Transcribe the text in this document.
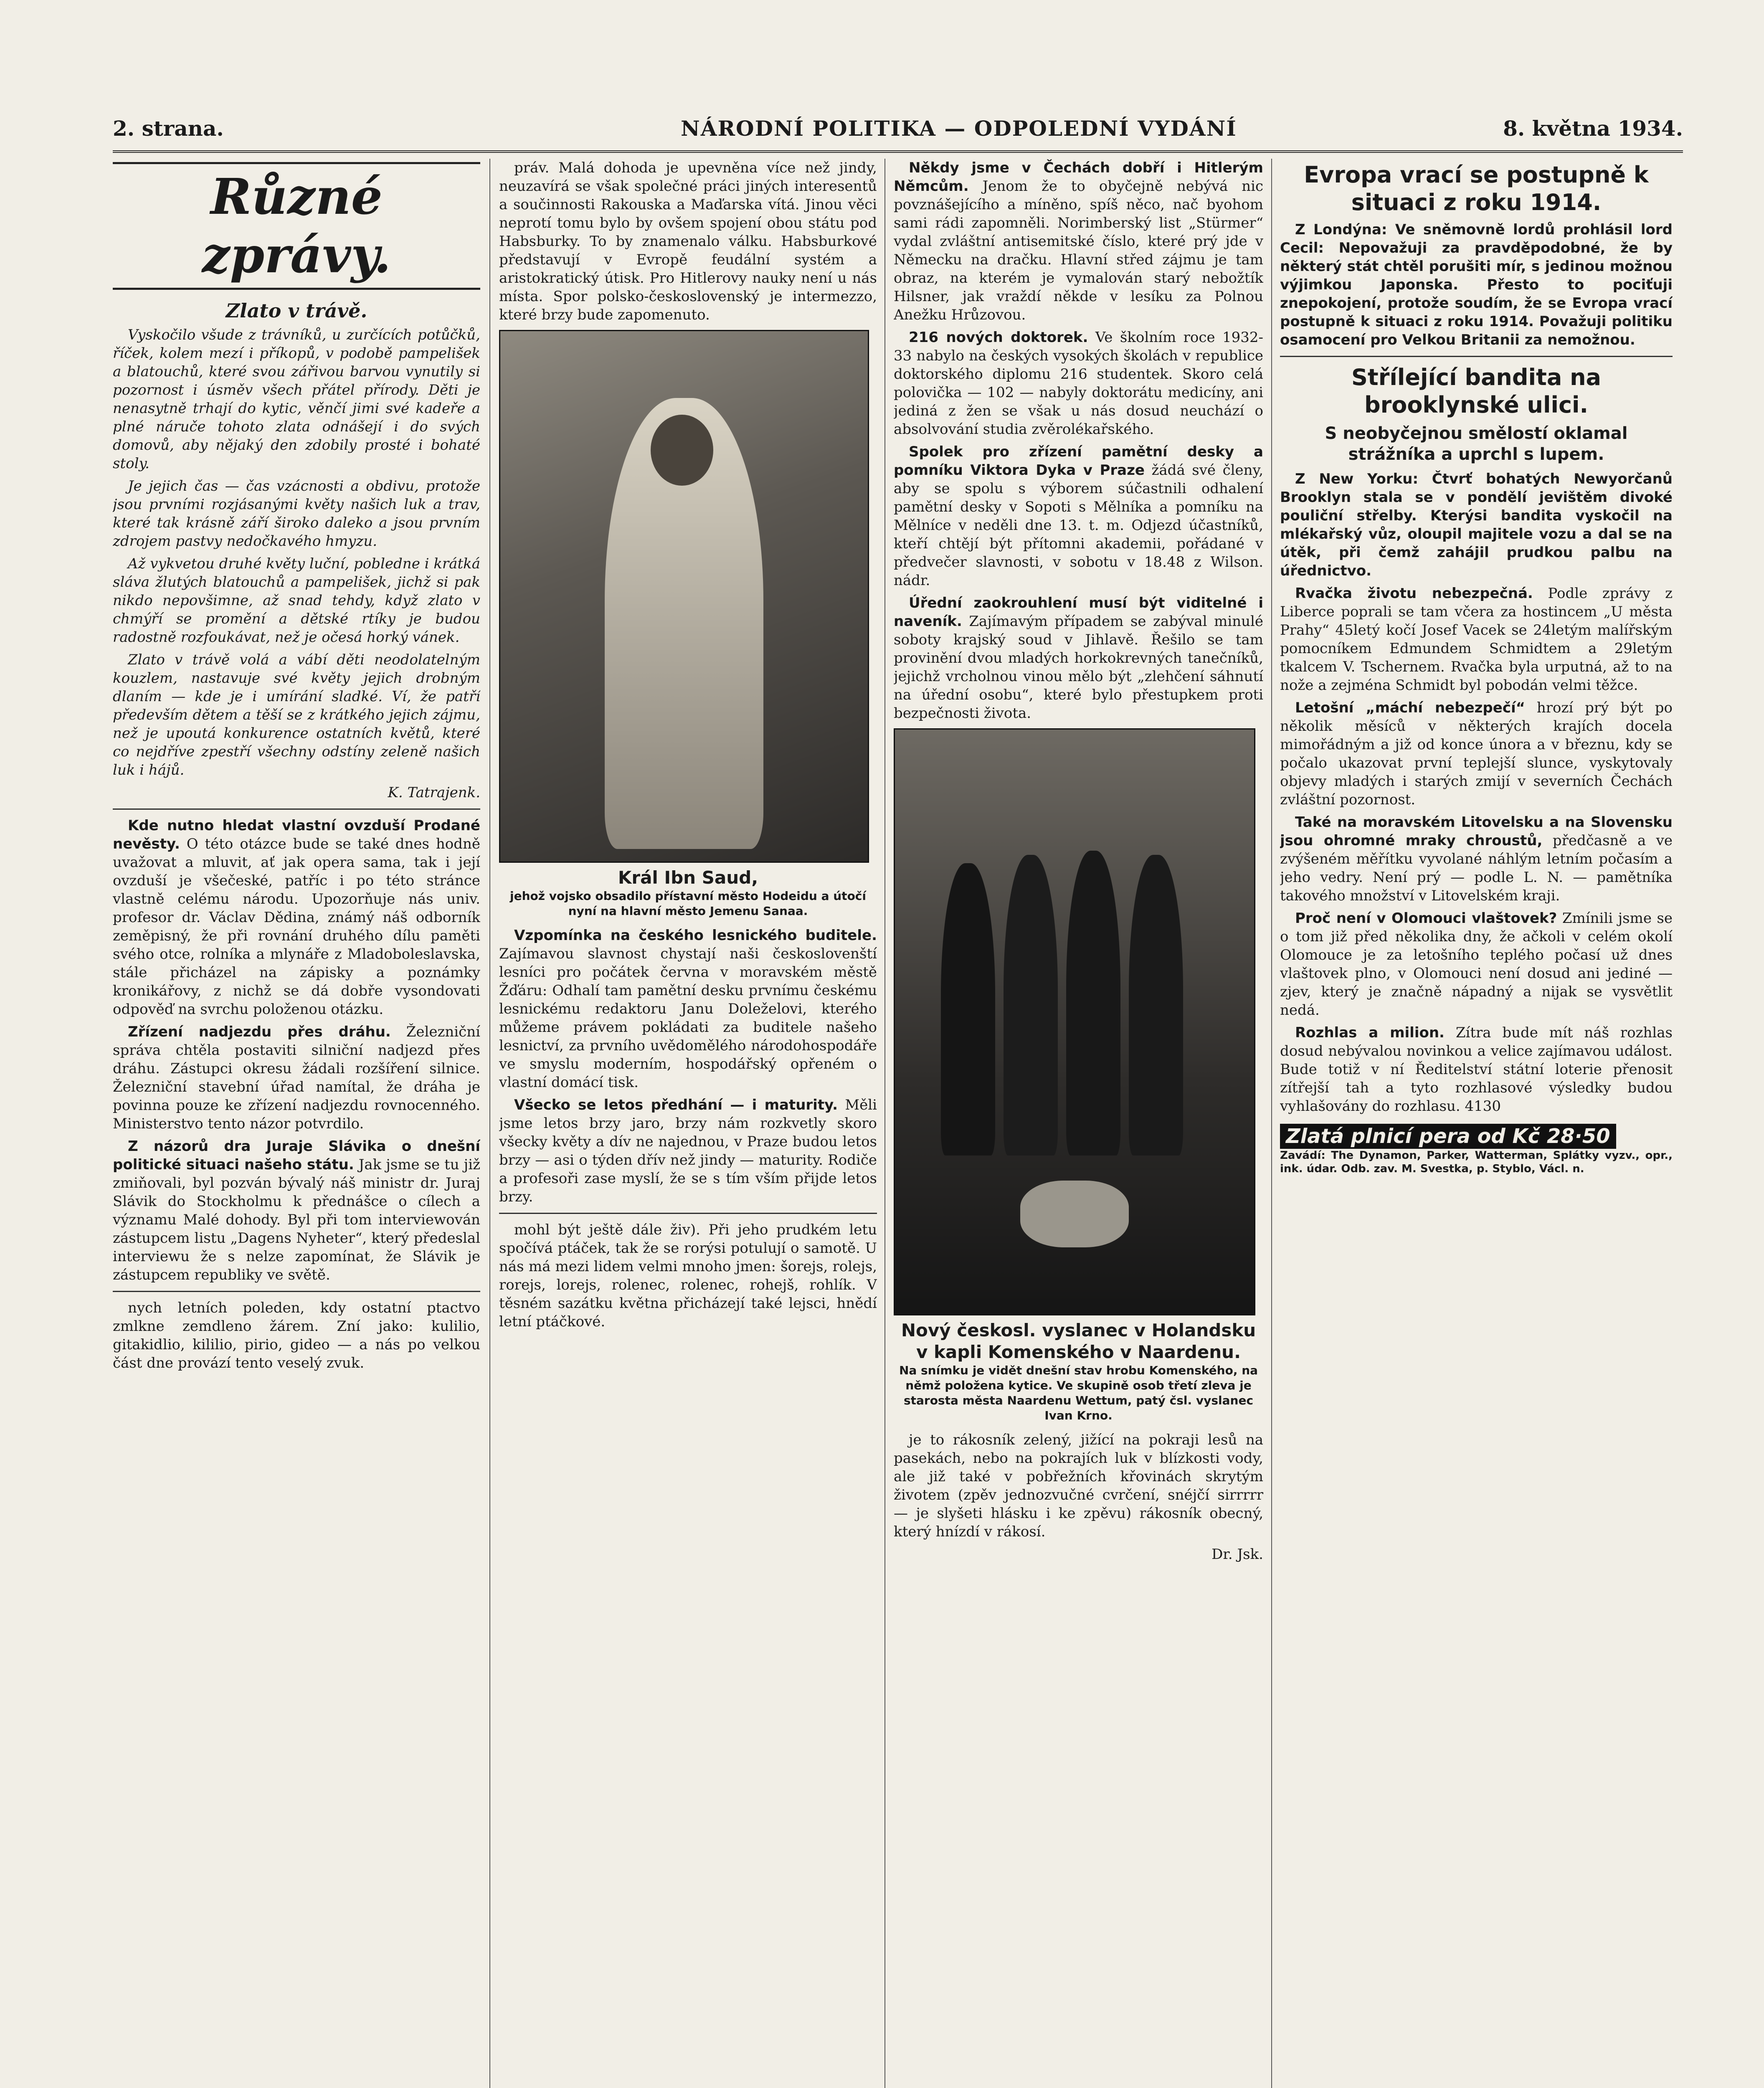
2. strana.	NÁRODNÍ POLITIKA — ODPOLEDNÍ VYDÁNÍ	8. května 1934.
Různé zprávy.
Zlato v trávě.

Vyskočilo všude z trávníků, u zurčících potůčků, říček, kolem mezí i příkopů, v podobě pampelišek a blatouchů, které svou zářivou barvou vynutily si pozornost i úsměv všech přátel přírody. Děti je nenasytně trhají do kytic, věnčí jimi své kadeře a plné náruče tohoto zlata odnášejí i do svých domovů, aby nějaký den zdobily prosté i bohaté stoly.

Je jejich čas — čas vzácnosti a obdivu, protože jsou prvními rozjásanými květy našich luk a trav, které tak krásně září široko daleko a jsou prvním zdrojem pastvy nedočkavého hmyzu.

Až vykvetou druhé květy luční, pobledne i krátká sláva žlutých blatouchů a pampelišek, jichž si pak nikdo nepovšimne, až snad tehdy, když zlato v chmýří se promění a dětské rtíky je budou radostně rozfoukávat, než je očesá horký vánek.

Zlato v trávě volá a vábí děti neodolatelným kouzlem, nastavuje své květy jejich drobným dlaním — kde je i umírání sladké. Ví, že patří především dětem a těší se z krátkého jejich zájmu, než je upoutá konkurence ostatních květů, které co nejdříve zpestří všechny odstíny zeleně našich luk i hájů.

K. Tatrajenk.

Kde nutno hledat vlastní ovzduší Prodané nevěsty. O této otázce bude se také dnes hodně uvažovat a mluvit, ať jak opera sama, tak i její ovzduší je všečeské, patříc i po této stránce vlastně celému národu. Upozorňuje nás univ. profesor dr. Václav Dědina, známý náš odborník zeměpisný, že při rovnání druhého dílu paměti svého otce, rolníka a mlynáře z Mladoboleslavska, stále přicházel na zápisky a poznámky kronikářovy, z nichž se dá dobře vysondovati odpověď na svrchu položenou otázku.

Zřízení nadjezdu přes dráhu. Železniční správa chtěla postaviti silniční nadjezd přes dráhu. Zástupci okresu žádali rozšíření silnice. Železniční stavební úřad namítal, že dráha je povinna pouze ke zřízení nadjezdu rovnocenného. Ministerstvo tento názor potvrdilo.

Z názorů dra Juraje Slávika o dnešní politické situaci našeho státu. Jak jsme se tu již zmiňovali, byl pozván bývalý náš ministr dr. Juraj Slávik do Stockholmu k přednášce o cílech a významu Malé dohody. Byl při tom interviewován zástupcem listu „Dagens Nyheter“, který předeslal interviewu že s nelze zapomínat, že Slávik je zástupcem republiky ve světě.

nych letních poleden, kdy ostatní ptactvo zmlkne zemdleno žárem. Zní jako: kulilio, gitakidlio, kililio, pirio, gideo — a nás po velkou část dne provází tento veselý zvuk.

práv. Malá dohoda je upevněna více než jindy, neuzavírá se však společné práci jiných interesentů a součinnosti Rakouska a Maďarska vítá. Jinou věci neprotí tomu bylo by ovšem spojení obou státu pod Habsburky. To by znamenalo válku. Habsburkové představují v Evropě feudální systém a aristokratický útisk. Pro Hitlerovy nauky není u nás místa. Spor polsko-československý je intermezzo, které brzy bude zapomenuto.

Král Ibn Saud,
jehož vojsko obsadilo přístavní město Hodeidu a útočí nyní na hlavní město Jemenu Sanaa.

Vzpomínka na českého lesnického buditele. Zajímavou slavnost chystají naši českoslovenští lesníci pro počátek června v moravském městě Žďáru: Odhalí tam pamětní desku prvnímu českému lesnickému redaktoru Janu Doleželovi, kterého můžeme právem pokládati za buditele našeho lesnictví, za prvního uvědomělého národohospodáře ve smyslu moderním, hospodářský opřeném o vlastní domácí tisk.

Všecko se letos předhání — i maturity. Měli jsme letos brzy jaro, brzy nám rozkvetly skoro všecky květy a dív ne najednou, v Praze budou letos brzy — asi o týden dřív než jindy — maturity. Rodiče a profesoři zase myslí, že se s tím vším přijde letos brzy.

mohl být ještě dále živ). Při jeho prudkém letu spočívá ptáček, tak že se rorýsi potulují o samotě. U nás má mezi lidem velmi mnoho jmen: šorejs, rolejs, rorejs, lorejs, rolenec, rolenec, rohejš, rohlík. V těsném sazátku května přicházejí také lejsci, hnědí letní ptáčkové.

Někdy jsme v Čechách dobří i Hitlerým Němcům. Jenom že to obyčejně nebývá nic povznášejícího a míněno, spíš něco, nač byohom sami rádi zapomněli. Norimberský list „Stürmer“ vydal zvláštní antisemitské číslo, které prý jde v Německu na dračku. Hlavní střed zájmu je tam obraz, na kterém je vymalován starý nebožtík Hilsner, jak vraždí někde v lesíku za Polnou Anežku Hrůzovou.

216 nových doktorek. Ve školním roce 1932-33 nabylo na českých vysokých školách v republice doktorského diplomu 216 studentek. Skoro celá polovička — 102 — nabyly doktorátu medicíny, ani jediná z žen se však u nás dosud neuchází o absolvování studia zvěrolékařského.

Spolek pro zřízení pamětní desky a pomníku Viktora Dyka v Praze žádá své členy, aby se spolu s výborem súčastnili odhalení pamětní desky v Sopoti s Mělníka a pomníku na Mělníce v neděli dne 13. t. m. Odjezd účastníků, kteří chtějí být přítomni akademii, pořádané v předvečer slavnosti, v sobotu v 18.48 z Wilson. nádr.

Úřední zaokrouhlení musí být viditelné i naveník. Zajímavým případem se zabýval minulé soboty krajský soud v Jihlavě. Řešilo se tam provinění dvou mladých horkokrevných tanečníků, jejichž vrcholnou vinou mělo být „zlehčení sáhnutí na úřední osobu“, které bylo přestupkem proti bezpečnosti života.

Nový českosl. vyslanec v Holandsku v kapli Komenského v Naardenu.
Na snímku je vidět dnešní stav hrobu Komenského, na němž položena kytice. Ve skupině osob třetí zleva je starosta města Naardenu Wettum, patý čsl. vyslanec Ivan Krno.

je to rákosník zelený, jižící na pokraji lesů na pasekách, nebo na pokrajích luk v blízkosti vody, ale již také v pobřežních křovinách skrytým životem (zpěv jednozvučné cvrčení, snéjčí sirrrrr — je slyšeti hlásku i ke zpěvu) rákosník obecný, který hnízdí v rákosí.

Dr. Jsk.
Evropa vrací se postupně k situaci z roku 1914.

Z Londýna: Ve sněmovně lordů prohlásil lord Cecil: Nepovažuji za pravděpodobné, že by některý stát chtěl porušiti mír, s jedinou možnou výjimkou Japonska. Přesto to pociťuji znepokojení, protože soudím, že se Evropa vrací postupně k situaci z roku 1914. Považuji politiku osamocení pro Velkou Britanii za nemožnou.

Střílející bandita na brooklynské ulici.
S neobyčejnou smělostí oklamal strážníka a uprchl s lupem.

Z New Yorku: Čtvrť bohatých Newyorčanů Brooklyn stala se v pondělí jevištěm divoké pouliční střelby. Kterýsi bandita vyskočil na mlékařský vůz, oloupil majitele vozu a dal se na útěk, při čemž zahájil prudkou palbu na úřednictvo.

Rvačka životu nebezpečná. Podle zprávy z Liberce poprali se tam včera za hostincem „U města Prahy“ 45letý kočí Josef Vacek se 24letým malířským pomocníkem Edmundem Schmidtem a 29letým tkalcem V. Tschernem. Rvačka byla urputná, až to na nože a zejména Schmidt byl pobodán velmi těžce.

Letošní „máchí nebezpečí“ hrozí prý být po několik měsíců v některých krajích docela mimořádným a již od konce února a v březnu, kdy se počalo ukazovat první teplejší slunce, vyskytovaly objevy mladých i starých zmijí v severních Čechách zvláštní pozornost.

Také na moravském Litovelsku a na Slovensku jsou ohromné mraky chroustů, předčasně a ve zvýšeném měřítku vyvolané náhlým letním počasím a jeho vedry. Není prý — podle L. N. — pamětníka takového množství v Litovelském kraji.

Proč není v Olomouci vlaštovek? Zmínili jsme se o tom již před několika dny, že ačkoli v celém okolí Olomouce je za letošního teplého počasí už dnes vlaštovek plno, v Olomouci není dosud ani jediné — zjev, který je značně nápadný a nijak se vysvětlit nedá.

Rozhlas a milion. Zítra bude mít náš rozhlas dosud nebývalou novinkou a velice zajímavou událost. Bude totiž v ní Ředitelství státní loterie přenosit zítřejší tah a tyto rozhlasové výsledky budou vyhlašovány do rozhlasu. 4130

Zlatá plnicí pera od Kč 28·50
Zavádí: The Dynamon, Parker, Watterman, Splátky vyzv., opr., ink. údar. Odb. zav. M. Svestka, p. Styblo, Václ. n.
